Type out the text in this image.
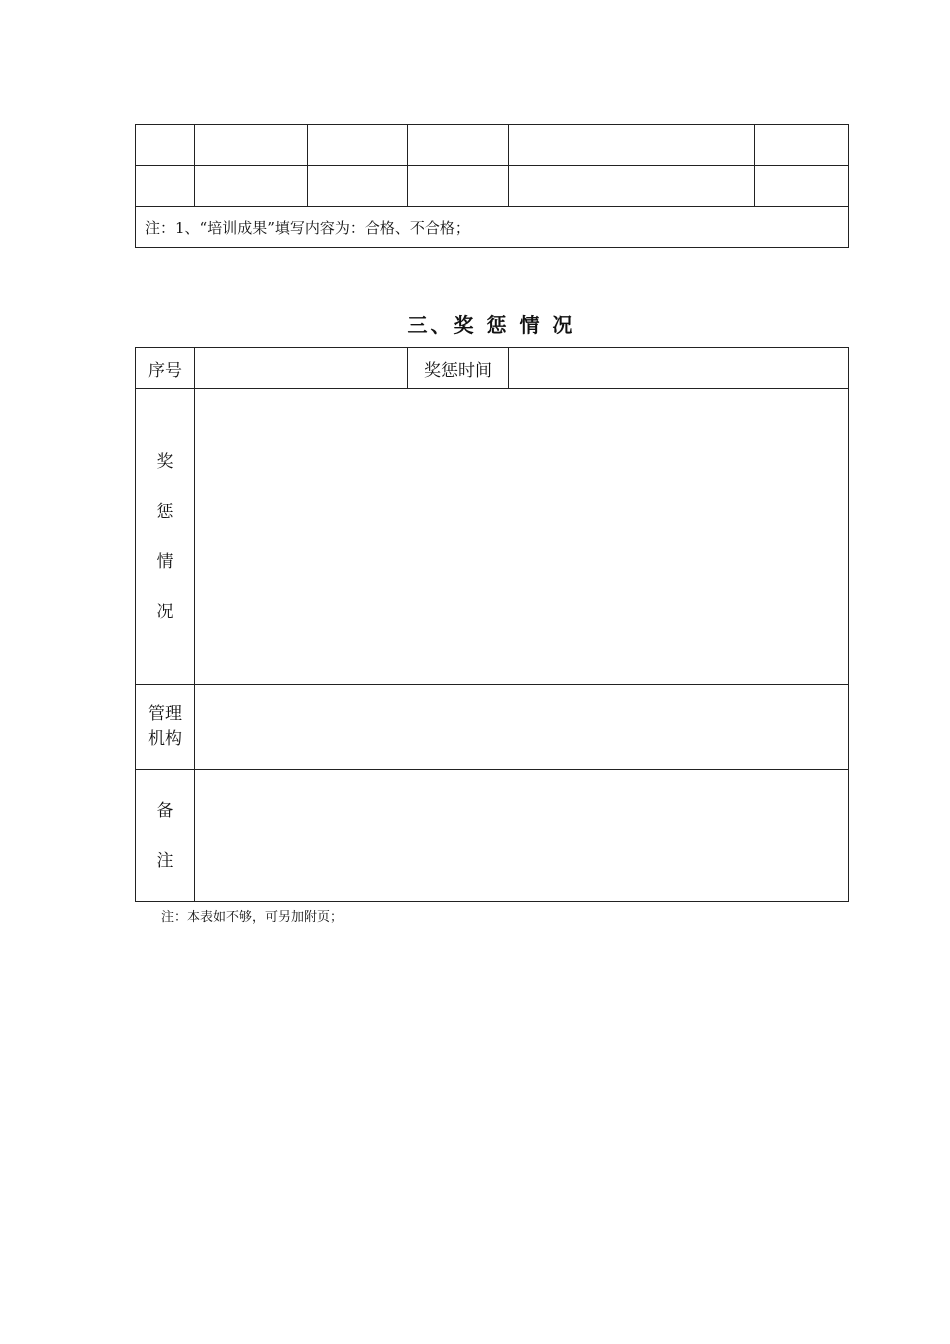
注：1、“培训成果”填写内容为：合格、不合格；					
三、奖 惩 情 况
序号		奖惩时间	

奖
惩
情
况			

管理
机构			

备
注			

注：本表如不够，可另加附页；
